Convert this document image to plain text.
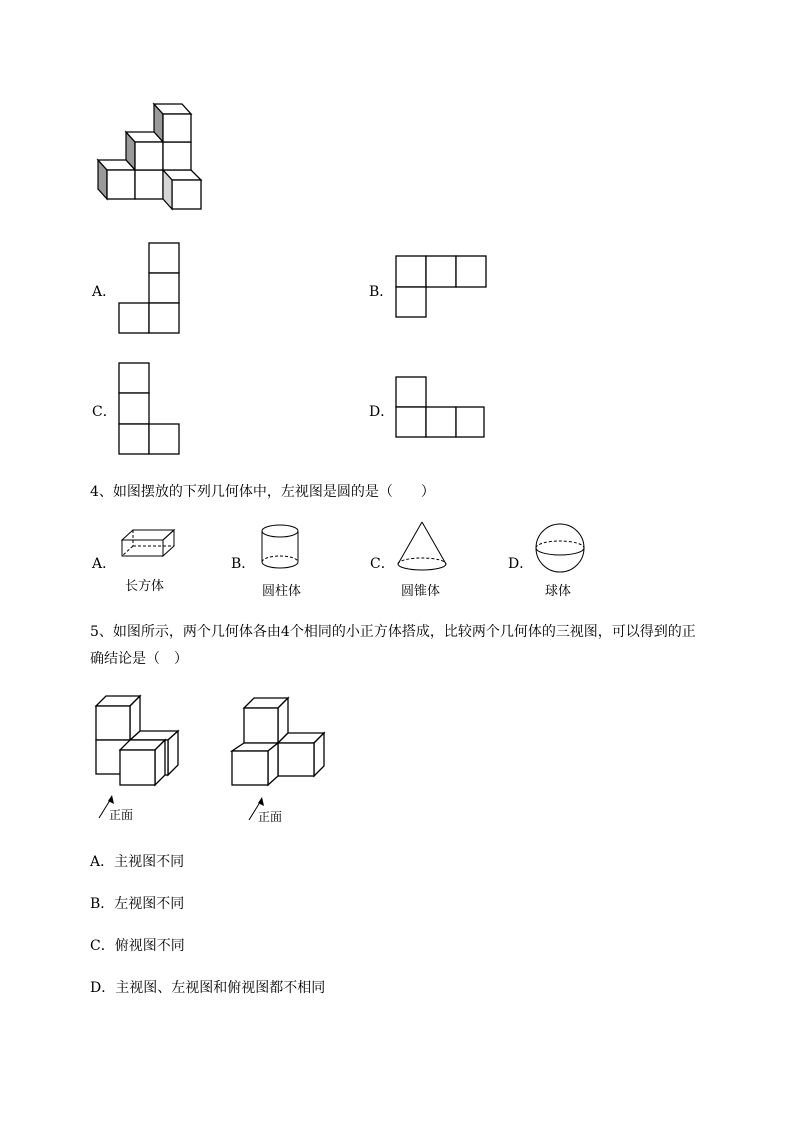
A．	B．
C．	D．
4、如图摆放的下列几何体中，左视图是圆的是（　　）
A．
长方体
B．
圆柱体
C．
圆锥体
D．
球体
5、如图所示，两个几何体各由4个相同的小正方体搭成，比较两个几何体的三视图，可以得到的正
确结论是（　）
正面	正面
A．主视图不同
B．左视图不同
C．俯视图不同
D．主视图、左视图和俯视图都不相同
